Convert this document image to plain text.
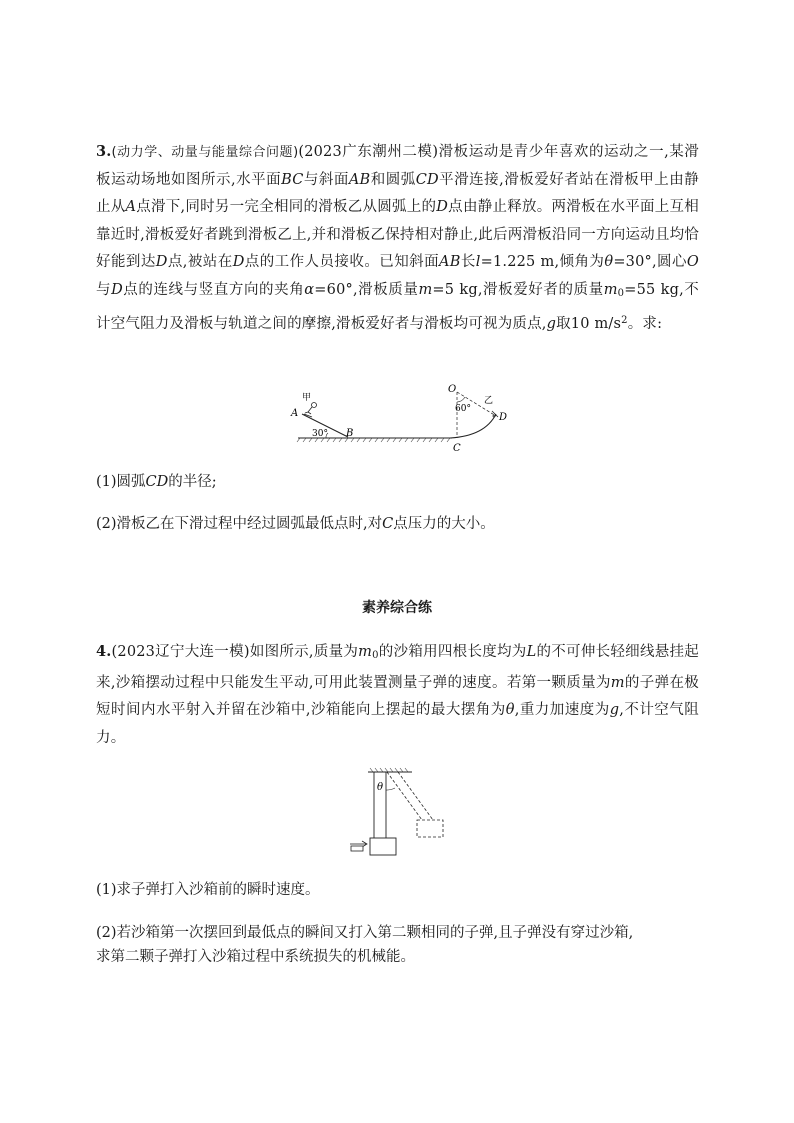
3.(动力学、动量与能量综合问题)(2023广东潮州二模)滑板运动是青少年喜欢的运动之一,某滑板运动场地如图所示,水平面BC与斜面AB和圆弧CD平滑连接,滑板爱好者站在滑板甲上由静止从A点滑下,同时另一完全相同的滑板乙从圆弧上的D点由静止释放。两滑板在水平面上互相靠近时,滑板爱好者跳到滑板乙上,并和滑板乙保持相对静止,此后两滑板沿同一方向运动且均恰好能到达D点,被站在D点的工作人员接收。已知斜面AB长l=1.225 m,倾角为θ=30°,圆心O与D点的连线与竖直方向的夹角α=60°,滑板质量m=5 kg,滑板爱好者的质量$m_0=55$ kg,不计空气阻力及滑板与轨道之间的摩擦,滑板爱好者与滑板均可视为质点,g取10 $m/s^2$。求:
甲
A
30° B
O
60°
乙
D
C
(1)圆弧CD的半径;
(2)滑板乙在下滑过程中经过圆弧最低点时,对C点压力的大小。
素养综合练
4.(2023辽宁大连一模)如图所示,质量为$m_0$的沙箱用四根长度均为L的不可伸长轻细线悬挂起来,沙箱摆动过程中只能发生平动,可用此装置测量子弹的速度。若第一颗质量为m的子弹在极短时间内水平射入并留在沙箱中,沙箱能向上摆起的最大摆角为θ,重力加速度为g,不计空气阻力。
θ
(1)求子弹打入沙箱前的瞬时速度。
(2)若沙箱第一次摆回到最低点的瞬间又打入第二颗相同的子弹,且子弹没有穿过沙箱,
求第二颗子弹打入沙箱过程中系统损失的机械能。
